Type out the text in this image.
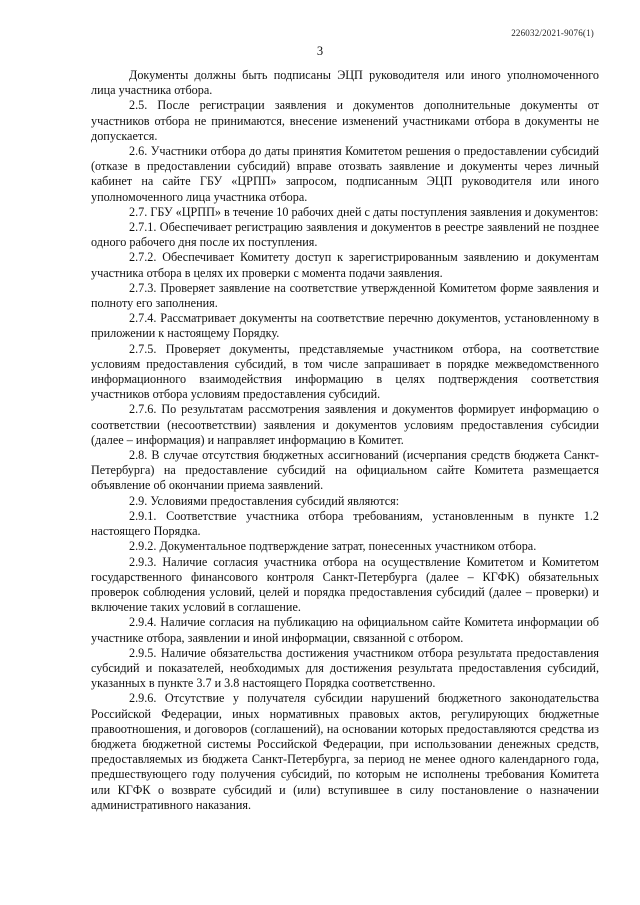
226032/2021-9076(1)
3

Документы должны быть подписаны ЭЦП руководителя или иного уполномоченного лица участника отбора.

2.5. После регистрации заявления и документов дополнительные документы от участников отбора не принимаются, внесение изменений участниками отбора в документы не допускается.

2.6. Участники отбора до даты принятия Комитетом решения о предоставлении субсидий (отказе в предоставлении субсидий) вправе отозвать заявление и документы через личный кабинет на сайте ГБУ «ЦРПП» запросом, подписанным ЭЦП руководителя или иного уполномоченного лица участника отбора.

2.7. ГБУ «ЦРПП» в течение 10 рабочих дней с даты поступления заявления и документов:

2.7.1. Обеспечивает регистрацию заявления и документов в реестре заявлений не позднее одного рабочего дня после их поступления.

2.7.2. Обеспечивает Комитету доступ к зарегистрированным заявлению и документам участника отбора в целях их проверки с момента подачи заявления.

2.7.3. Проверяет заявление на соответствие утвержденной Комитетом форме заявления и полноту его заполнения.

2.7.4. Рассматривает документы на соответствие перечню документов, установленному в приложении к настоящему Порядку.

2.7.5. Проверяет документы, представляемые участником отбора, на соответствие условиям предоставления субсидий, в том числе запрашивает в порядке межведомственного информационного взаимодействия информацию в целях подтверждения соответствия участников отбора условиям предоставления субсидий.

2.7.6. По результатам рассмотрения заявления и документов формирует информацию о соответствии (несоответствии) заявления и документов условиям предоставления субсидии (далее – информация) и направляет информацию в Комитет.

2.8. В случае отсутствия бюджетных ассигнований (исчерпания средств бюджета Санкт-Петербурга) на предоставление субсидий на официальном сайте Комитета размещается объявление об окончании приема заявлений.

2.9. Условиями предоставления субсидий являются:

2.9.1. Соответствие участника отбора требованиям, установленным в пункте 1.2 настоящего Порядка.

2.9.2. Документальное подтверждение затрат, понесенных участником отбора.

2.9.3. Наличие согласия участника отбора на осуществление Комитетом и Комитетом государственного финансового контроля Санкт-Петербурга (далее – КГФК) обязательных проверок соблюдения условий, целей и порядка предоставления субсидий (далее – проверки) и включение таких условий в соглашение.

2.9.4. Наличие согласия на публикацию на официальном сайте Комитета информации об участнике отбора, заявлении и иной информации, связанной с отбором.

2.9.5. Наличие обязательства достижения участником отбора результата предоставления субсидий и показателей, необходимых для достижения результата предоставления субсидий, указанных в пункте 3.7 и 3.8 настоящего Порядка соответственно.

2.9.6. Отсутствие у получателя субсидии нарушений бюджетного законодательства Российской Федерации, иных нормативных правовых актов, регулирующих бюджетные правоотношения, и договоров (соглашений), на основании которых предоставляются средства из бюджета бюджетной системы Российской Федерации, при использовании денежных средств, предоставляемых из бюджета Санкт-Петербурга, за период не менее одного календарного года, предшествующего году получения субсидий, по которым не исполнены требования Комитета или КГФК о возврате субсидий и (или) вступившее в силу постановление о назначении административного наказания.
